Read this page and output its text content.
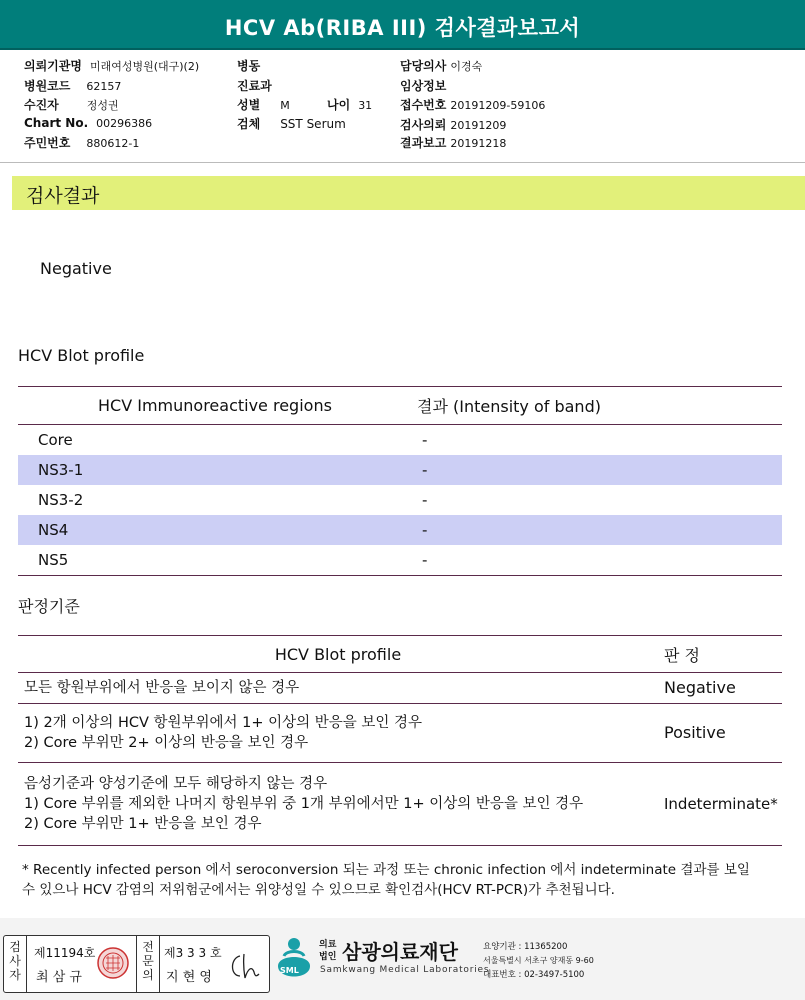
HCV Ab(RIBA III) 검사결과보고서
의뢰기관명 미래여성병원(대구)(2)
병원코드 62157
수진자	정성권
Chart No. 00296386
주민번호 880612-1
병동
진료과
성별 M	나이 31
검체 SST Serum
담당의사 이경숙
임상정보
접수번호 20191209-59106
검사의뢰 20191209
결과보고 20191218
검사결과
Negative
HCV Blot profile
HCV Immunoreactive regions	결과 (Intensity of band)
Core	-
NS3-1	-
NS3-2	-
NS4	-
NS5	-
판정기준
HCV Blot profile	판 정

모든 항원부위에서 반응을 보이지 않은 경우	Negative

1) 2개 이상의 HCV 항원부위에서 1+ 이상의 반응을 보인 경우
2) Core 부위만 2+ 이상의 반응을 보인 경우	Positive

음성기준과 양성기준에 모두 해당하지 않는 경우
1) Core 부위를 제외한 나머지 항원부위 중 1개 부위에서만 1+ 이상의 반응을 보인 경우
2) Core 부위만 1+ 반응을 보인 경우	Indeterminate*
* Recently infected person 에서 seroconversion 되는 과정 또는 chronic infection 에서 indeterminate 결과를 보일
수 있으나 HCV 감염의 저위험군에서는 위양성일 수 있으므로 확인검사(HCV RT-PCR)가 추천됩니다.
검사자
제11194호
최 삼 규
전문의
제3 3 3 호
지 현 영	SML
의료
법인 삼광의료재단
Samkwang Medical Laboratories
요양기관 : 11365200
서울특별시 서초구 양재동 9-60
대표번호 : 02-3497-5100
